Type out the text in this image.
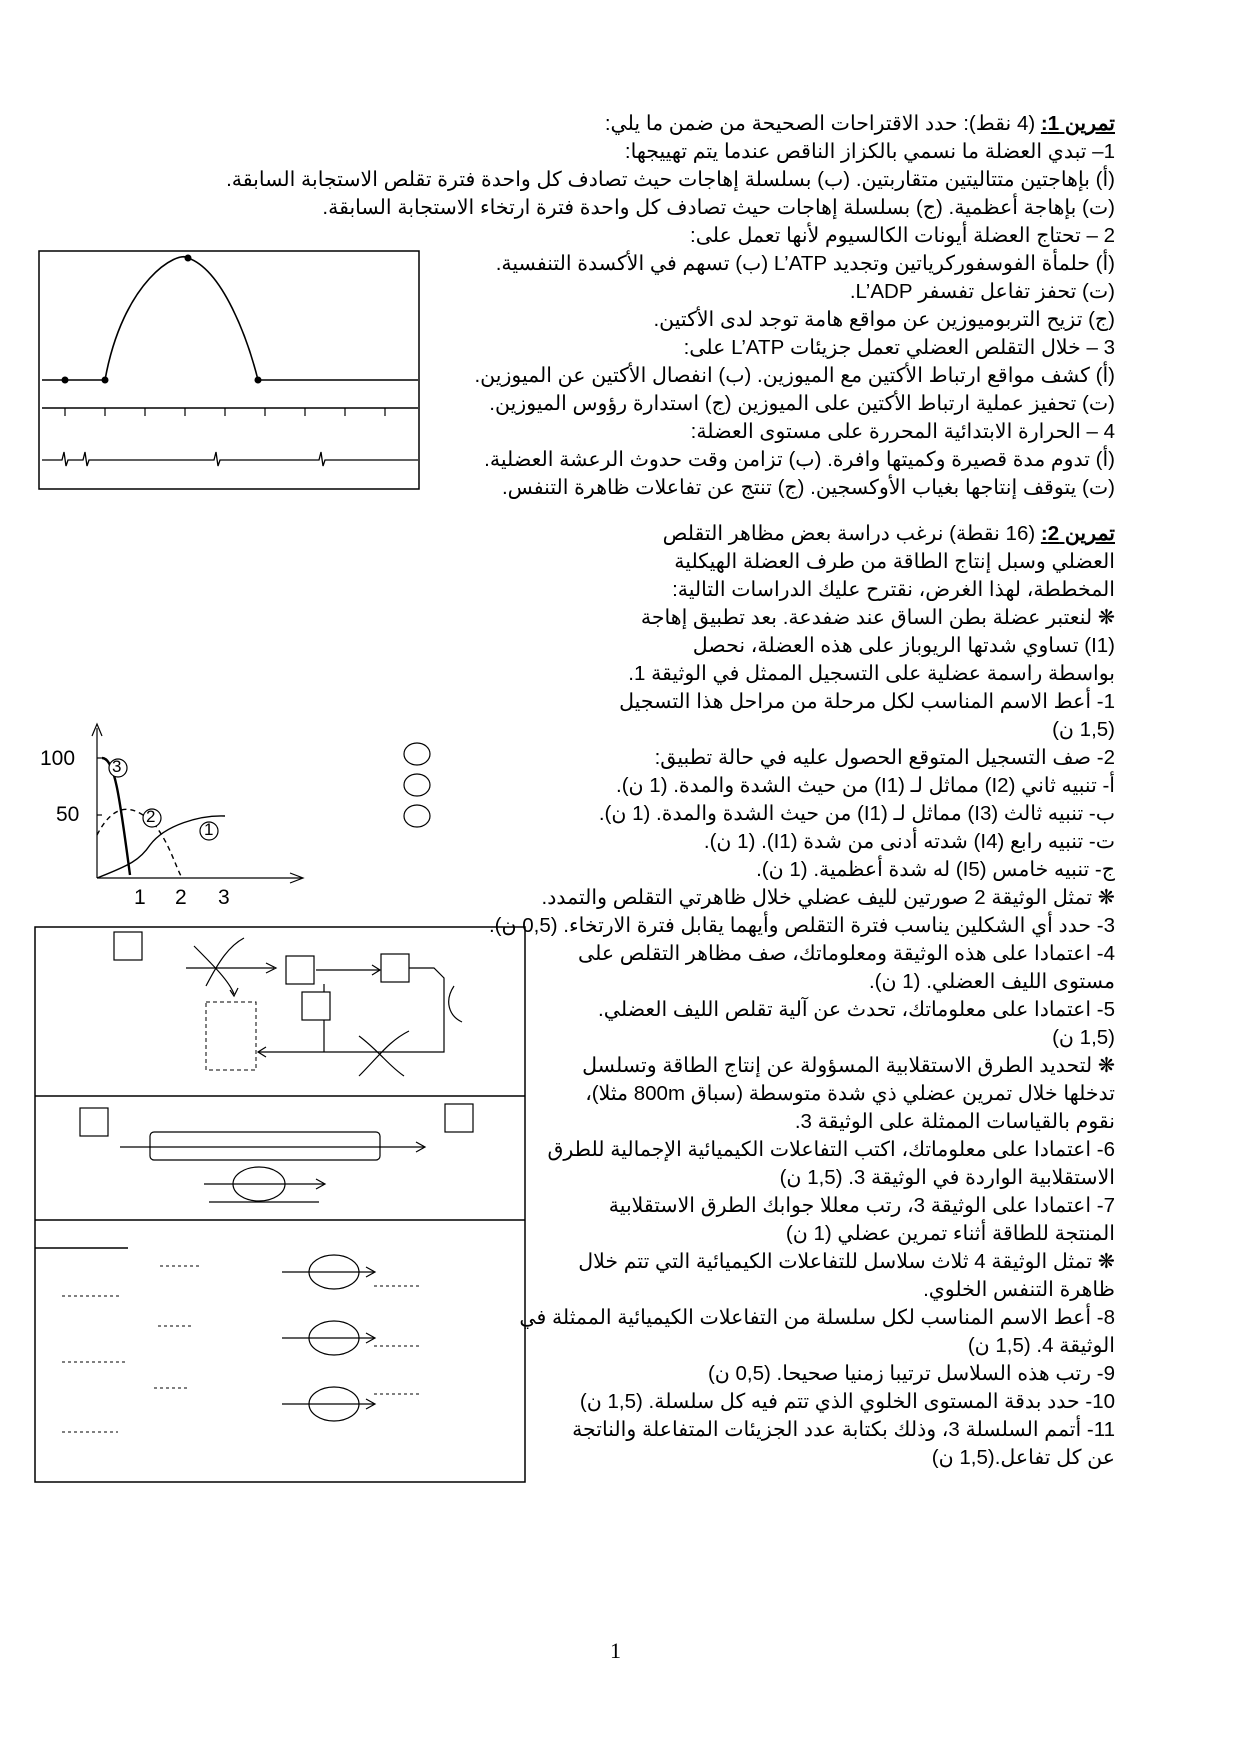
تمرين 1: (4 نقط): حدد الاقتراحات الصحيحة من ضمن ما يلي:
1– تبدي العضلة ما نسمي بالكزاز الناقص عندما يتم تهييجها:
(أ) بإهاجتين متتاليتين متقاربتين. (ب) بسلسلة إهاجات حيث تصادف كل واحدة فترة تقلص الاستجابة السابقة.
(ت) بإهاجة أعظمية. (ج) بسلسلة إهاجات حيث تصادف كل واحدة فترة ارتخاء الاستجابة السابقة.
2 – تحتاج العضلة أيونات الكالسيوم لأنها تعمل على:
(أ) حلمأة الفوسفوركرياتين وتجديد L’ATP (ب) تسهم في الأكسدة التنفسية.
(ت) تحفز تفاعل تفسفر L’ADP.
(ج) تزيح التربوميوزين عن مواقع هامة توجد لدى الأكتين.
3 – خلال التقلص العضلي تعمل جزيئات L’ATP على:
(أ) كشف مواقع ارتباط الأكتين مع الميوزين. (ب) انفصال الأكتين عن الميوزين.
(ت) تحفيز عملية ارتباط الأكتين على الميوزين (ج) استدارة رؤوس الميوزين.
4 – الحرارة الابتدائية المحررة على مستوى العضلة:
(أ) تدوم مدة قصيرة وكميتها وافرة. (ب) تزامن وقت حدوث الرعشة العضلية.
(ت) يتوقف إنتاجها بغياب الأوكسجين. (ج) تنتج عن تفاعلات ظاهرة التنفس.
تمرين 2: (16 نقطة) نرغب دراسة بعض مظاهر التقلص
العضلي وسبل إنتاج الطاقة من طرف العضلة الهيكلية
المخططة، لهذا الغرض، نقترح عليك الدراسات التالية:
❋ لنعتبر عضلة بطن الساق عند ضفدعة. بعد تطبيق إهاجة
(I1) تساوي شدتها الريوباز على هذه العضلة، نحصل
بواسطة راسمة عضلية على التسجيل الممثل في الوثيقة 1.
1- أعط الاسم المناسب لكل مرحلة من مراحل هذا التسجيل
(1,5 ن)
2- صف التسجيل المتوقع الحصول عليه في حالة تطبيق:
أ- تنبيه ثاني (I2) مماثل لـ (I1) من حيث الشدة والمدة. (1 ن).
ب- تنبيه ثالث (I3) مماثل لـ (I1) من حيث الشدة والمدة. (1 ن).
ت- تنبيه رابع (I4) شدته أدنى من شدة (I1). (1 ن).
ج- تنبيه خامس (I5) له شدة أعظمية. (1 ن).
❋ تمثل الوثيقة 2 صورتين لليف عضلي خلال ظاهرتي التقلص والتمدد.
3- حدد أي الشكلين يناسب فترة التقلص وأيهما يقابل فترة الارتخاء. (0,5 ن).
4- اعتمادا على هذه الوثيقة ومعلوماتك، صف مظاهر التقلص على
مستوى الليف العضلي. (1 ن).
5- اعتمادا على معلوماتك، تحدث عن آلية تقلص الليف العضلي.
(1,5 ن)
❋ لتحديد الطرق الاستقلابية المسؤولة عن إنتاج الطاقة وتسلسل
تدخلها خلال تمرين عضلي ذي شدة متوسطة (سباق 800m مثلا)،
نقوم بالقياسات الممثلة على الوثيقة 3.
6- اعتمادا على معلوماتك، اكتب التفاعلات الكيميائية الإجمالية للطرق
الاستقلابية الواردة في الوثيقة 3. (1,5 ن)
7- اعتمادا على الوثيقة 3، رتب معللا جوابك الطرق الاستقلابية
المنتجة للطاقة أثناء تمرين عضلي (1 ن)
❋ تمثل الوثيقة 4 ثلاث سلاسل للتفاعلات الكيميائية التي تتم خلال
ظاهرة التنفس الخلوي.
8- أعط الاسم المناسب لكل سلسلة من التفاعلات الكيميائية الممثلة في
الوثيقة 4. (1,5 ن)
9- رتب هذه السلاسل ترتيبا زمنيا صحيحا. (0,5 ن)
10- حدد بدقة المستوى الخلوي الذي تتم فيه كل سلسلة. (1,5 ن)
11- أتمم السلسلة 3، وذلك بكتابة عدد الجزيئات المتفاعلة والناتجة
عن كل تفاعل.(1,5 ن)
100
50
1 2 3
3
2
1
1
